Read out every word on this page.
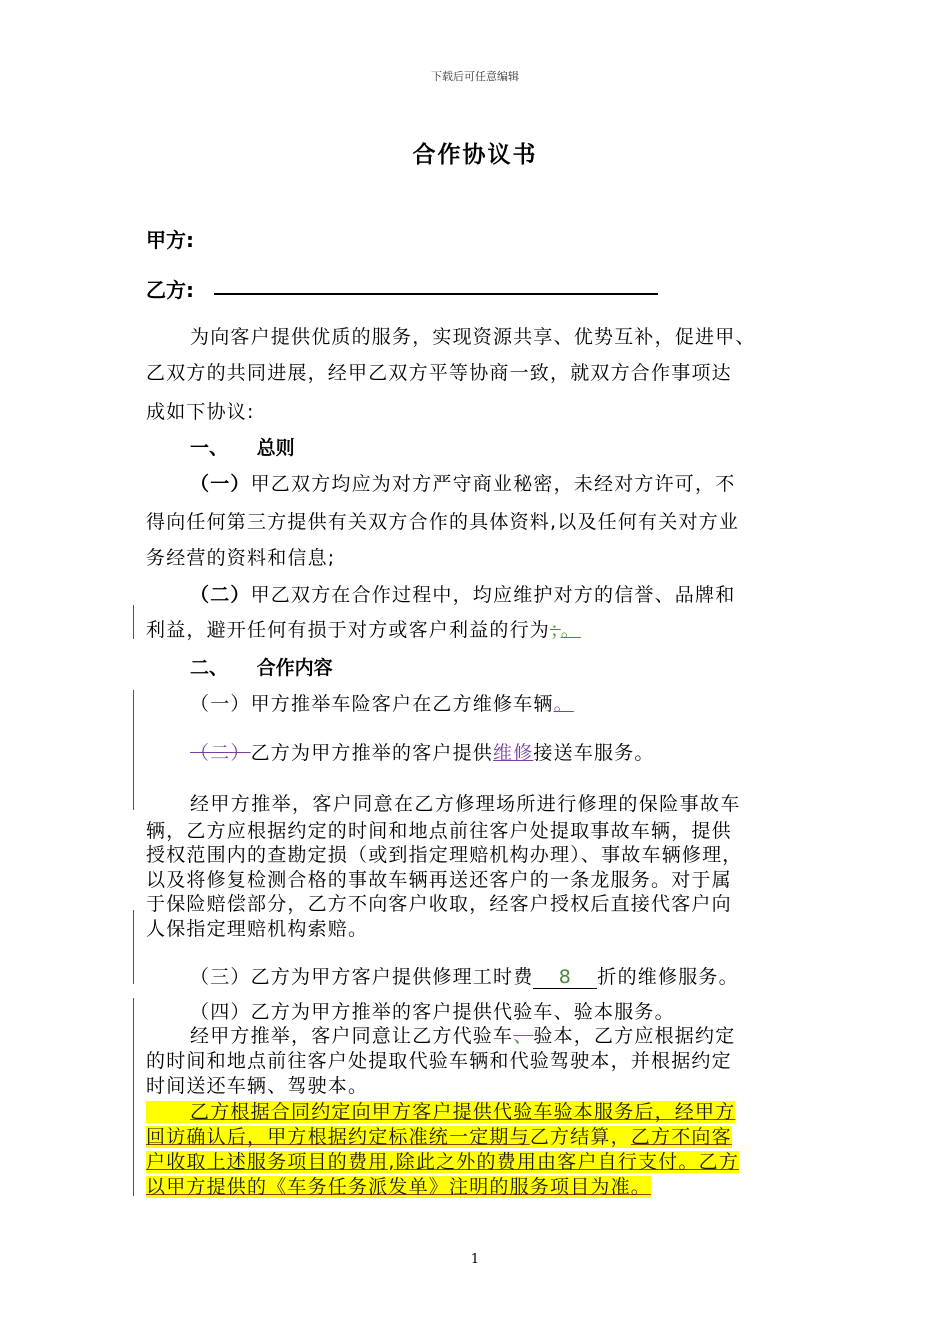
下载后可任意编辑
合作协议书
甲方:
乙方:
为向客户提供优质的服务，实现资源共享、优势互补，促进甲、
乙双方的共同进展，经甲乙双方平等协商一致，就双方合作事项达
成如下协议:
一、 总则
（一）甲乙双方均应为对方严守商业秘密，未经对方许可，不
得向任何第三方提供有关双方合作的具体资料,以及任何有关对方业
务经营的资料和信息;
（二）甲乙双方在合作过程中，均应维护对方的信誉、品牌和
利益，避开任何有损于对方或客户利益的行为；。
二、 合作内容
（一）甲方推举车险客户在乙方维修车辆。
（二）乙方为甲方推举的客户提供维修接送车服务。
经甲方推举，客户同意在乙方修理场所进行修理的保险事故车
辆，乙方应根据约定的时间和地点前往客户处提取事故车辆，提供
授权范围内的查勘定损（或到指定理赔机构办理）、事故车辆修理，
以及将修复检测合格的事故车辆再送还客户的一条龙服务。对于属
于保险赔偿部分，乙方不向客户收取，经客户授权后直接代客户向
人保指定理赔机构索赔。
（三）乙方为甲方客户提供修理工时费 8 折的维修服务。
（四）乙方为甲方推举的客户提供代验车、验本服务。
经甲方推举，客户同意让乙方代验车、验本，乙方应根据约定
的时间和地点前往客户处提取代验车辆和代验驾驶本，并根据约定
时间送还车辆、驾驶本。
乙方根据合同约定向甲方客户提供代验车验本服务后，经甲方
回访确认后，甲方根据约定标准统一定期与乙方结算，乙方不向客
户收取上述服务项目的费用,除此之外的费用由客户自行支付。乙方
以甲方提供的《车务任务派发单》注明的服务项目为准。
1
